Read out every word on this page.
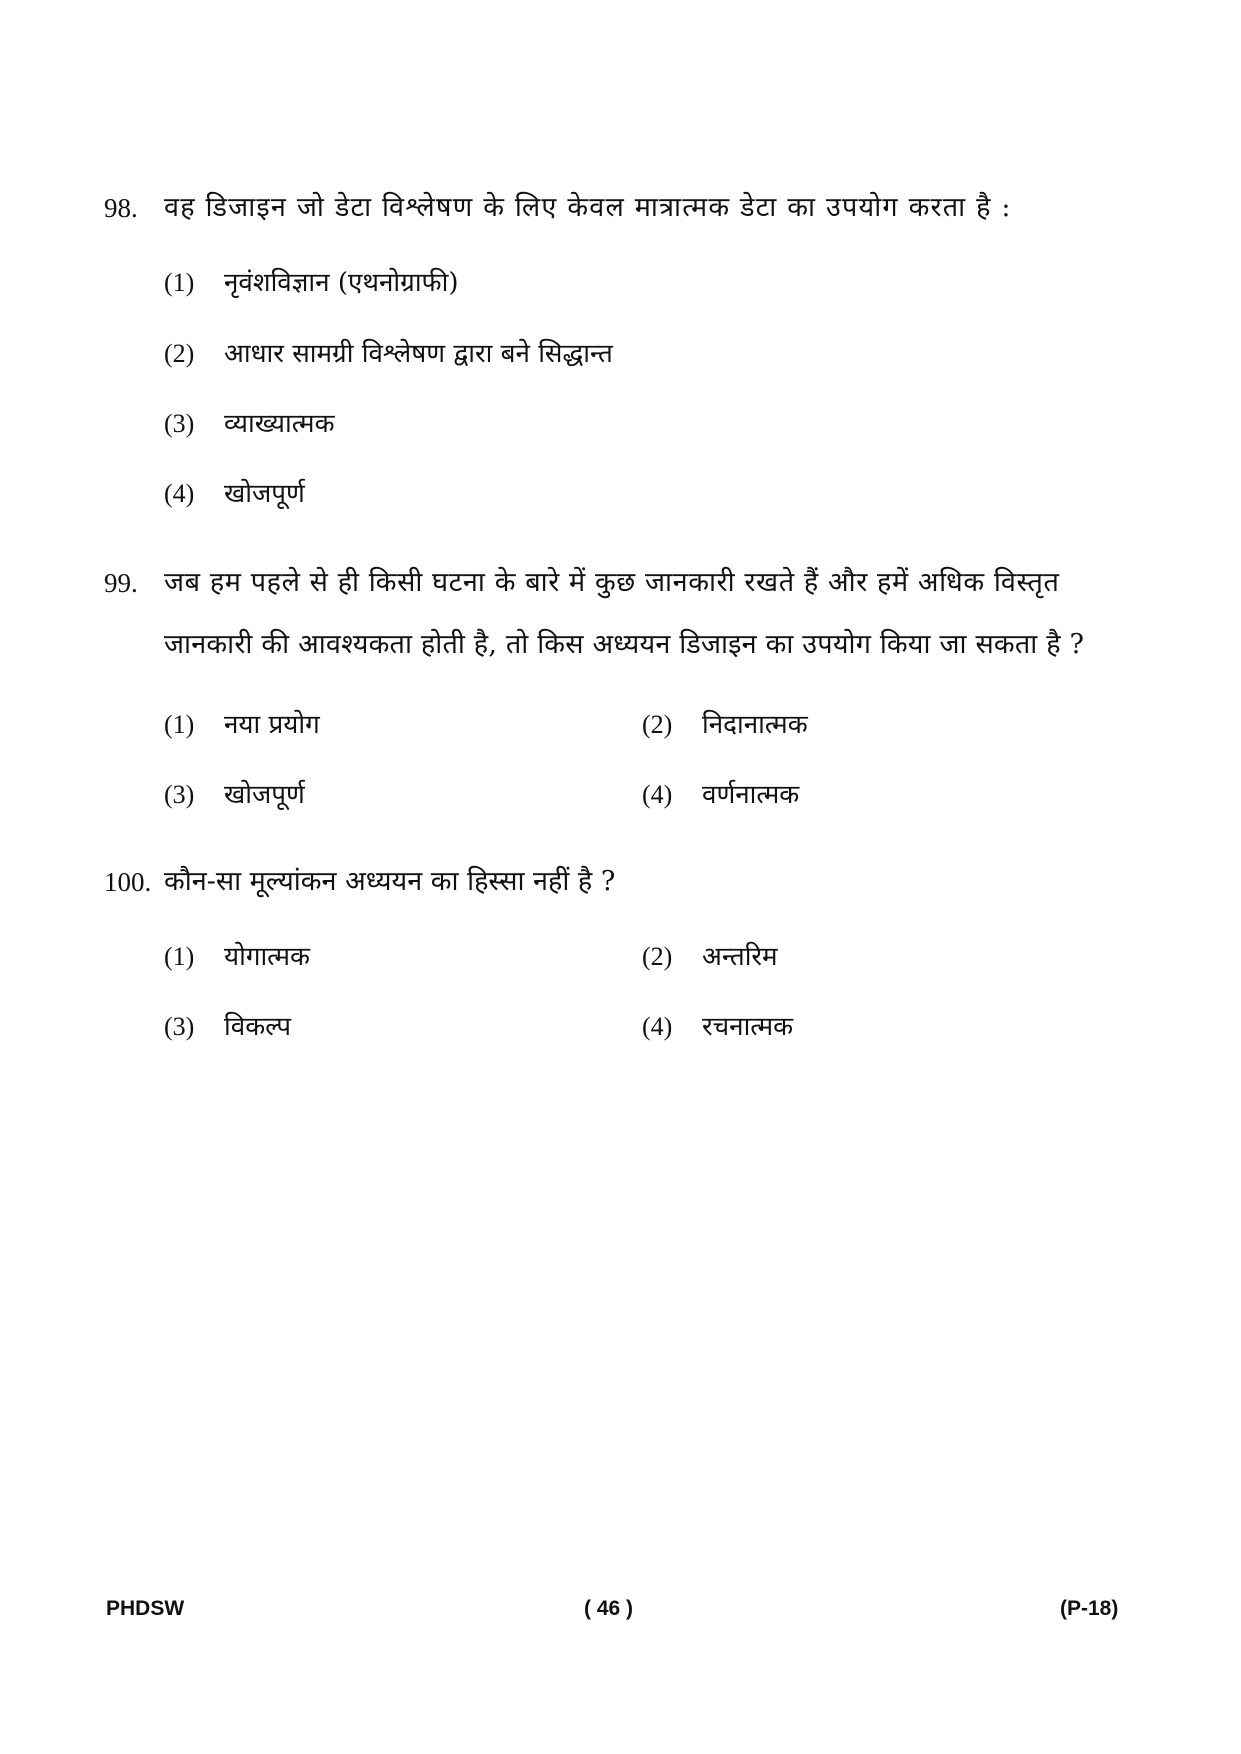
98. वह डिजाइन जो डेटा विश्लेषण के लिए केवल मात्रात्मक डेटा का उपयोग करता है :
(1) नृवंशविज्ञान (एथनोग्राफी)
(2) आधार सामग्री विश्लेषण द्वारा बने सिद्धान्त
(3) व्याख्यात्मक
(4) खोजपूर्ण
99. जब हम पहले से ही किसी घटना के बारे में कुछ जानकारी रखते हैं और हमें अधिक विस्तृत
जानकारी की आवश्यकता होती है, तो किस अध्ययन डिजाइन का उपयोग किया जा सकता है ?
(1) नया प्रयोग	(2) निदानात्मक
(3) खोजपूर्ण	(4) वर्णनात्मक
100. कौन-सा मूल्यांकन अध्ययन का हिस्सा नहीं है ?
(1) योगात्मक	(2) अन्तरिम
(3) विकल्प	(4) रचनात्मक
PHDSW	( 46 )	(P-18)
